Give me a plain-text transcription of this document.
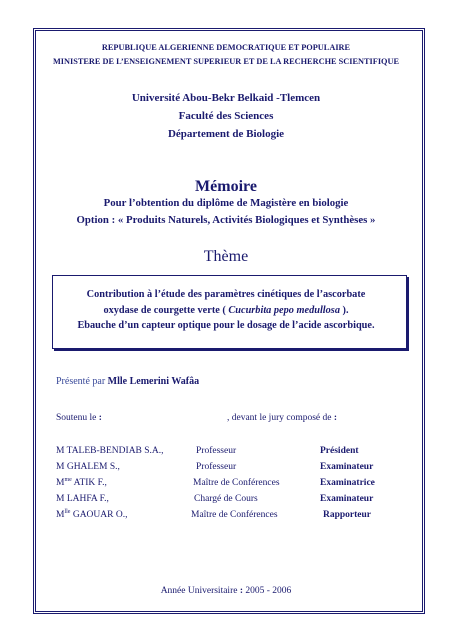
REPUBLIQUE ALGERIENNE DEMOCRATIQUE ET POPULAIRE
MINISTERE DE L’ENSEIGNEMENT SUPERIEUR ET DE LA RECHERCHE SCIENTIFIQUE
Université Abou-Bekr Belkaid -Tlemcen
Faculté des Sciences
Département de Biologie
Mémoire
Pour l’obtention du diplôme de Magistère en biologie
Option : « Produits Naturels, Activités Biologiques et Synthèses »
Thème
Contribution à l’étude des paramètres cinétiques de l’ascorbate
oxydase de courgette verte ( Cucurbita pepo medullosa ).
Ebauche d’un capteur optique pour le dosage de l’acide ascorbique.
Présenté par Mlle Lemerini Wafâa
Soutenu le :	, devant le jury composé de :
M TALEB-BENDIAB S.A.,	Professeur	Président
M GHALEM S.,	Professeur	Examinateur
$M^{me}$ ATIK F.,	Maître de Conférences	Examinatrice
M LAHFA F.,	Chargé de Cours	Examinateur
$M^{lle}$ GAOUAR O.,	Maître de Conférences	Rapporteur
Année Universitaire : 2005 - 2006
